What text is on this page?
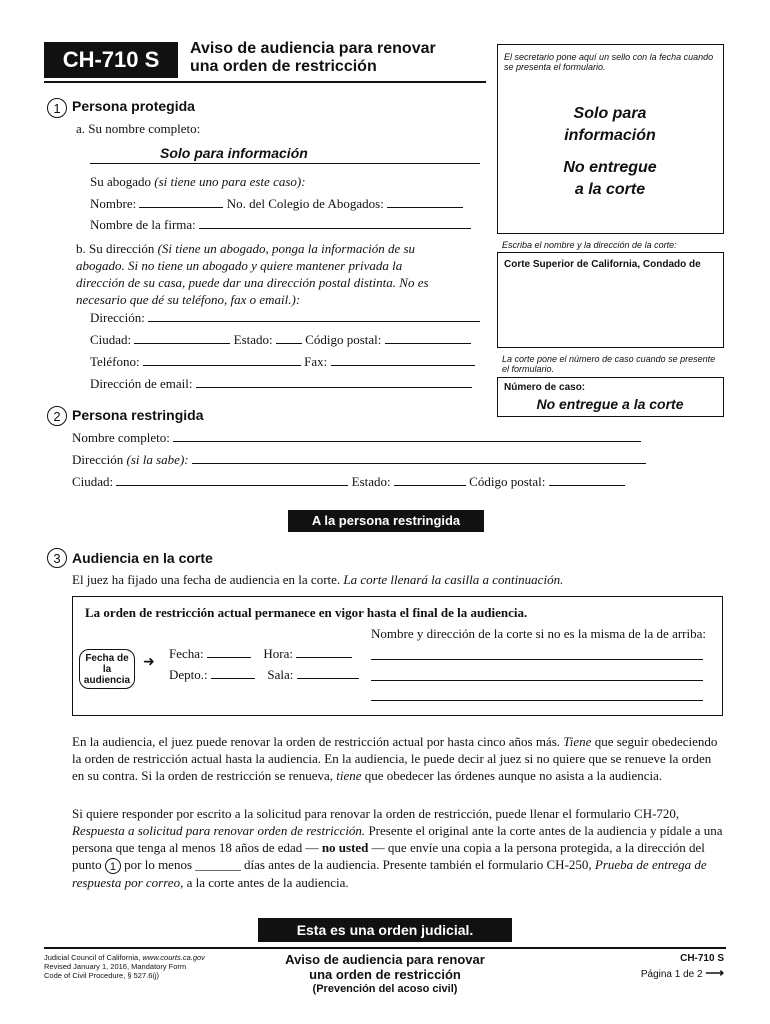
CH-710 S	Aviso de audiencia para renovar
una orden de restricción
El secretario pone aquí un sello con la fecha cuando se presenta el formulario.
Solo para
información
No entregue
a la corte
Escriba el nombre y la dirección de la corte:
Corte Superior de California, Condado de
La corte pone el número de caso cuando se presente el formulario.
Número de caso:
No entregue a la corte
1 Persona protegida
a. Su nombre completo:
Solo para información
Su abogado (si tiene uno para este caso):
Nombre:	No. del Colegio de Abogados:
Nombre de la firma:
b. Su dirección (Si tiene un abogado, ponga la información de su abogado. Si no tiene un abogado y quiere mantener privada la dirección de su casa, puede dar una dirección postal distinta. No es necesario que dé su teléfono, fax o email.):
Dirección:
Ciudad:	Estado:	Código postal:
Teléfono:	Fax:
Dirección de email:
2 Persona restringida
Nombre completo:
Dirección (si la sabe):
Ciudad:	Estado:	Código postal:
A la persona restringida
3 Audiencia en la corte
El juez ha fijado una fecha de audiencia en la corte. La corte llenará la casilla a continuación.
La orden de restricción actual permanece en vigor hasta el final de la audiencia.
Nombre y dirección de la corte si no es la misma de la de arriba:
Fecha de la audiencia
➜ Fecha:	Hora:
Depto.:	Sala:

En la audiencia, el juez puede renovar la orden de restricción actual por hasta cinco años más. Tiene que seguir obedeciendo la orden de restricción actual hasta la audiencia. En la audiencia, le puede decir al juez si no quiere que se renueve la orden en su contra. Si la orden de restricción se renueva, tiene que obedecer las órdenes aunque no asista a la audiencia.

Si quiere responder por escrito a la solicitud para renovar la orden de restricción, puede llenar el formulario CH-720, Respuesta a solicitud para renovar orden de restricción. Presente el original ante la corte antes de la audiencia y pídale a una persona que tenga al menos 18 años de edad — no usted — que envíe una copia a la persona protegida, a la dirección del punto 1 por lo menos _______ días antes de la audiencia. Presente también el formulario CH-250, Prueba de entrega de respuesta por correo, a la corte antes de la audiencia.

Esta es una orden judicial.
Judicial Council of California, www.courts.ca.gov
Revised January 1, 2016, Mandatory Form
Code of Civil Procedure, § 527.6(j)
Aviso de audiencia para renovar
una orden de restricción
(Prevención del acoso civil)
CH-710 S
Página 1 de 2 ⟶
